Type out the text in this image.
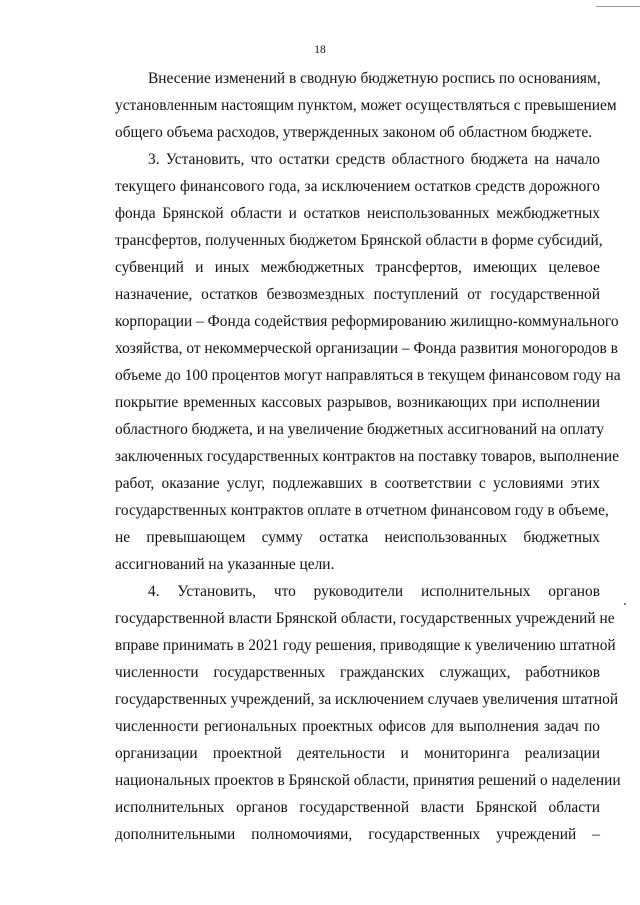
18
Внесение изменений в сводную бюджетную роспись по основаниям,
установленным настоящим пунктом, может осуществляться с превышением
общего объема расходов, утвержденных законом об областном бюджете.
3. Установить, что остатки средств областного бюджета на начало
текущего финансового года, за исключением остатков средств дорожного
фонда Брянской области и остатков неиспользованных межбюджетных
трансфертов, полученных бюджетом Брянской области в форме субсидий,
субвенций и иных межбюджетных трансфертов, имеющих целевое
назначение, остатков безвозмездных поступлений от государственной
корпорации – Фонда содействия реформированию жилищно-коммунального
хозяйства, от некоммерческой организации – Фонда развития моногородов в
объеме до 100 процентов могут направляться в текущем финансовом году на
покрытие временных кассовых разрывов, возникающих при исполнении
областного бюджета, и на увеличение бюджетных ассигнований на оплату
заключенных государственных контрактов на поставку товаров, выполнение
работ, оказание услуг, подлежавших в соответствии с условиями этих
государственных контрактов оплате в отчетном финансовом году в объеме,
не превышающем сумму остатка неиспользованных бюджетных
ассигнований на указанные цели.
4. Установить, что руководители исполнительных органов
государственной власти Брянской области, государственных учреждений не
вправе принимать в 2021 году решения, приводящие к увеличению штатной
численности государственных гражданских служащих, работников
государственных учреждений, за исключением случаев увеличения штатной
численности региональных проектных офисов для выполнения задач по
организации проектной деятельности и мониторинга реализации
национальных проектов в Брянской области, принятия решений о наделении
исполнительных органов государственной власти Брянской области
дополнительными полномочиями, государственных учреждений –
